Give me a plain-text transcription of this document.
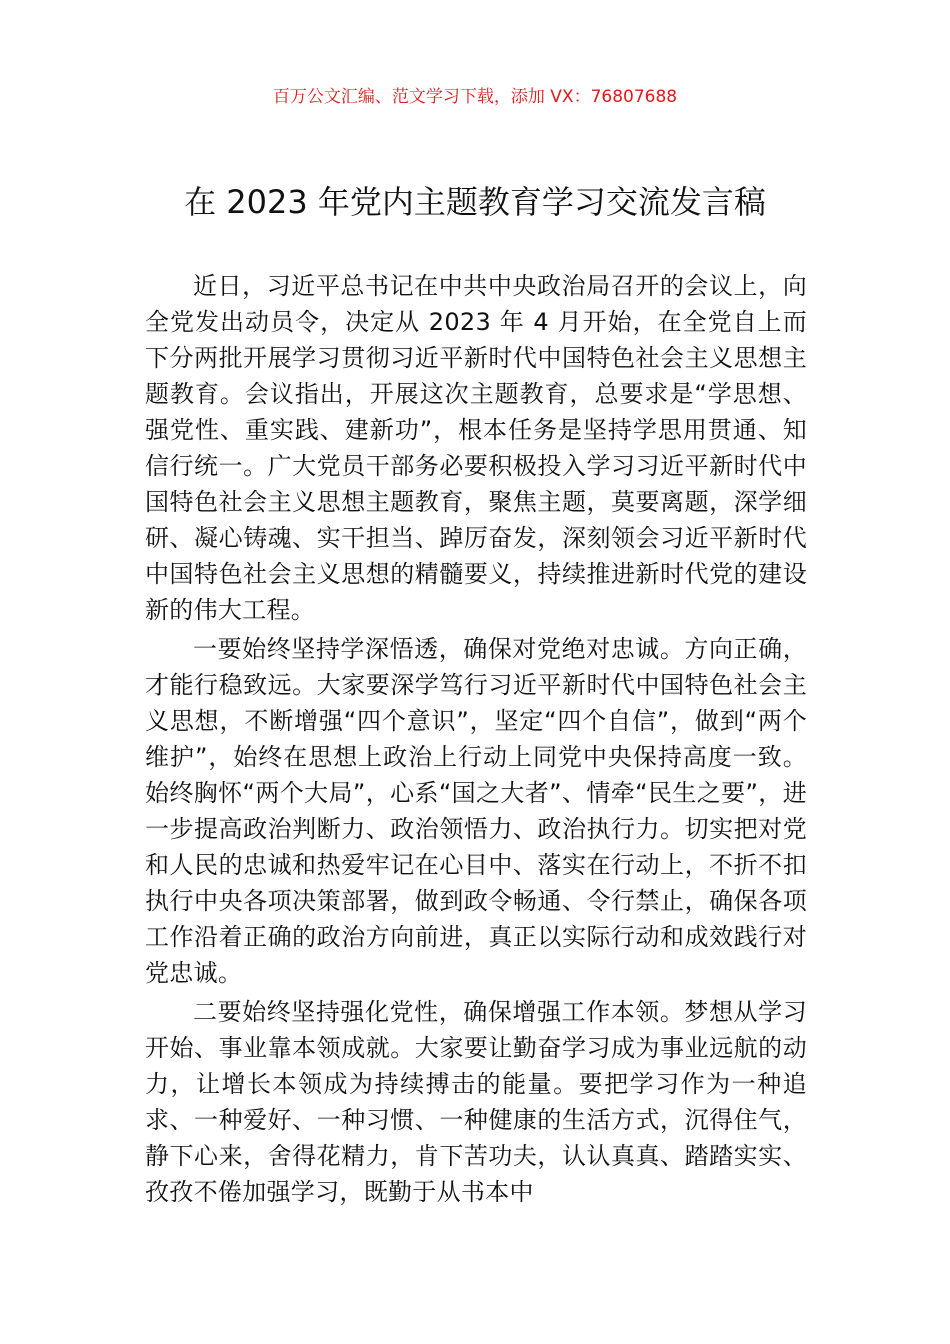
百万公文汇编、范文学习下载，添加 VX：76807688
在 2023 年党内主题教育学习交流发言稿

近日，习近平总书记在中共中央政治局召开的会议上，向全党发出动员令，决定从 2023 年 4 月开始，在全党自上而下分两批开展学习贯彻习近平新时代中国特色社会主义思想主题教育。会议指出，开展这次主题教育，总要求是“学思想、强党性、重实践、建新功”，根本任务是坚持学思用贯通、知信行统一。广大党员干部务必要积极投入学习习近平新时代中国特色社会主义思想主题教育，聚焦主题，莫要离题，深学细研、凝心铸魂、实干担当、踔厉奋发，深刻领会习近平新时代中国特色社会主义思想的精髓要义，持续推进新时代党的建设新的伟大工程。

一要始终坚持学深悟透，确保对党绝对忠诚。方向正确，才能行稳致远。大家要深学笃行习近平新时代中国特色社会主义思想，不断增强“四个意识”，坚定“四个自信”，做到“两个维护”，始终在思想上政治上行动上同党中央保持高度一致。始终胸怀“两个大局”，心系“国之大者”、情牵“民生之要”，进一步提高政治判断力、政治领悟力、政治执行力。切实把对党和人民的忠诚和热爱牢记在心目中、落实在行动上，不折不扣执行中央各项决策部署，做到政令畅通、令行禁止，确保各项工作沿着正确的政治方向前进，真正以实际行动和成效践行对党忠诚。

二要始终坚持强化党性，确保增强工作本领。梦想从学习开始、事业靠本领成就。大家要让勤奋学习成为事业远航的动力，让增长本领成为持续搏击的能量。要把学习作为一种追求、一种爱好、一种习惯、一种健康的生活方式，沉得住气，静下心来，舍得花精力，肯下苦功夫，认认真真、踏踏实实、孜孜不倦加强学习，既勤于从书本中
